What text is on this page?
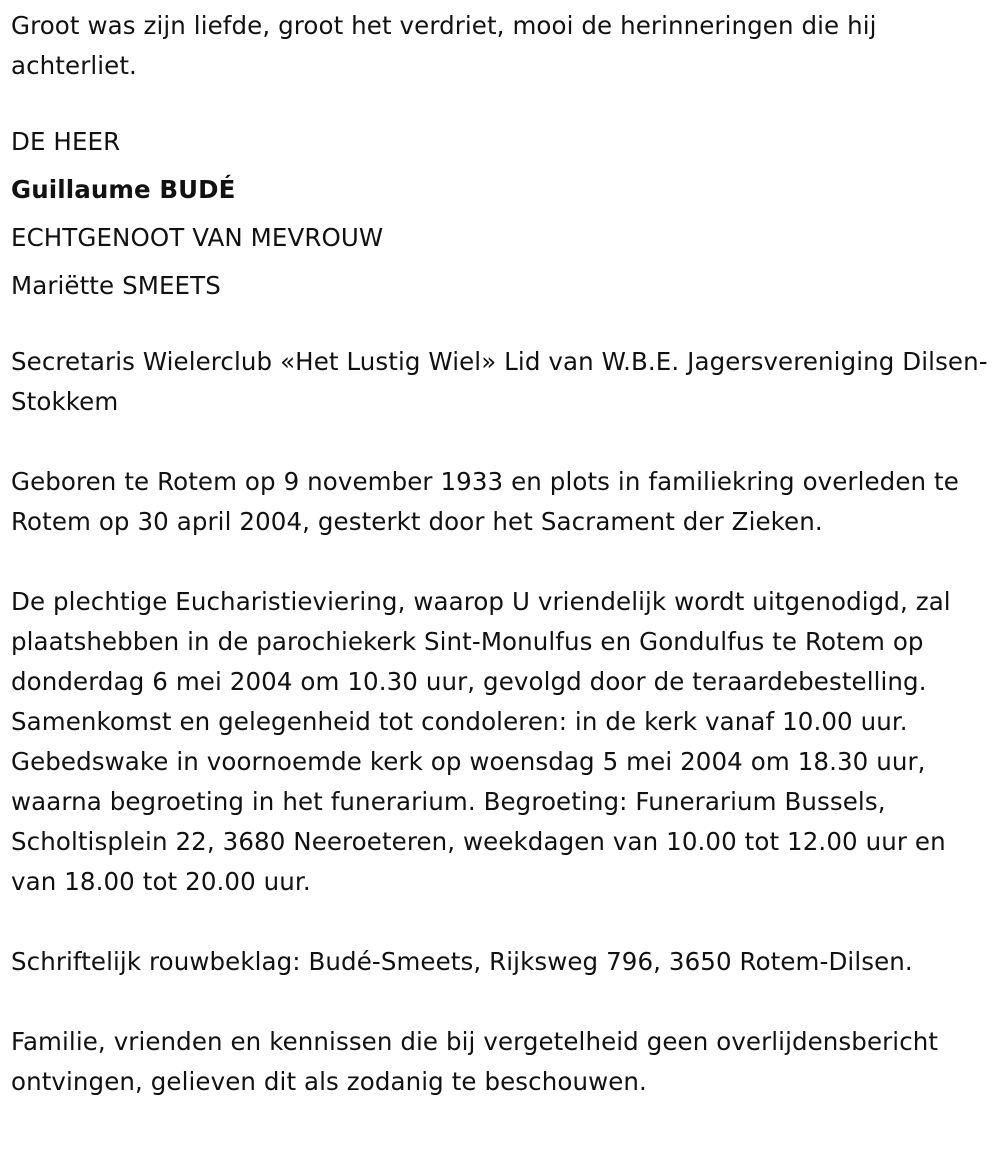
Groot was zijn liefde, groot het verdriet, mooi de herinneringen die hij achterliet.

DE HEER
Guillaume BUDÉ
ECHTGENOOT VAN MEVROUW
Mariëtte SMEETS

Secretaris Wielerclub «Het Lustig Wiel» Lid van W.B.E. Jagersvereniging Dilsen-Stokkem

Geboren te Rotem op 9 november 1933 en plots in familiekring overleden te Rotem op 30 april 2004, gesterkt door het Sacrament der Zieken.

De plechtige Eucharistieviering, waarop U vriendelijk wordt uitgenodigd, zal plaatshebben in de parochiekerk Sint-Monulfus en Gondulfus te Rotem op donderdag 6 mei 2004 om 10.30 uur, gevolgd door de teraardebestelling. Samenkomst en gelegenheid tot condoleren: in de kerk vanaf 10.00 uur. Gebedswake in voornoemde kerk op woensdag 5 mei 2004 om 18.30 uur, waarna begroeting in het funerarium. Begroeting: Funerarium Bussels, Scholtisplein 22, 3680 Neeroeteren, weekdagen van 10.00 tot 12.00 uur en van 18.00 tot 20.00 uur.

Schriftelijk rouwbeklag: Budé-Smeets, Rijksweg 796, 3650 Rotem-Dilsen.

Familie, vrienden en kennissen die bij vergetelheid geen overlijdensbericht ontvingen, gelieven dit als zodanig te beschouwen.
